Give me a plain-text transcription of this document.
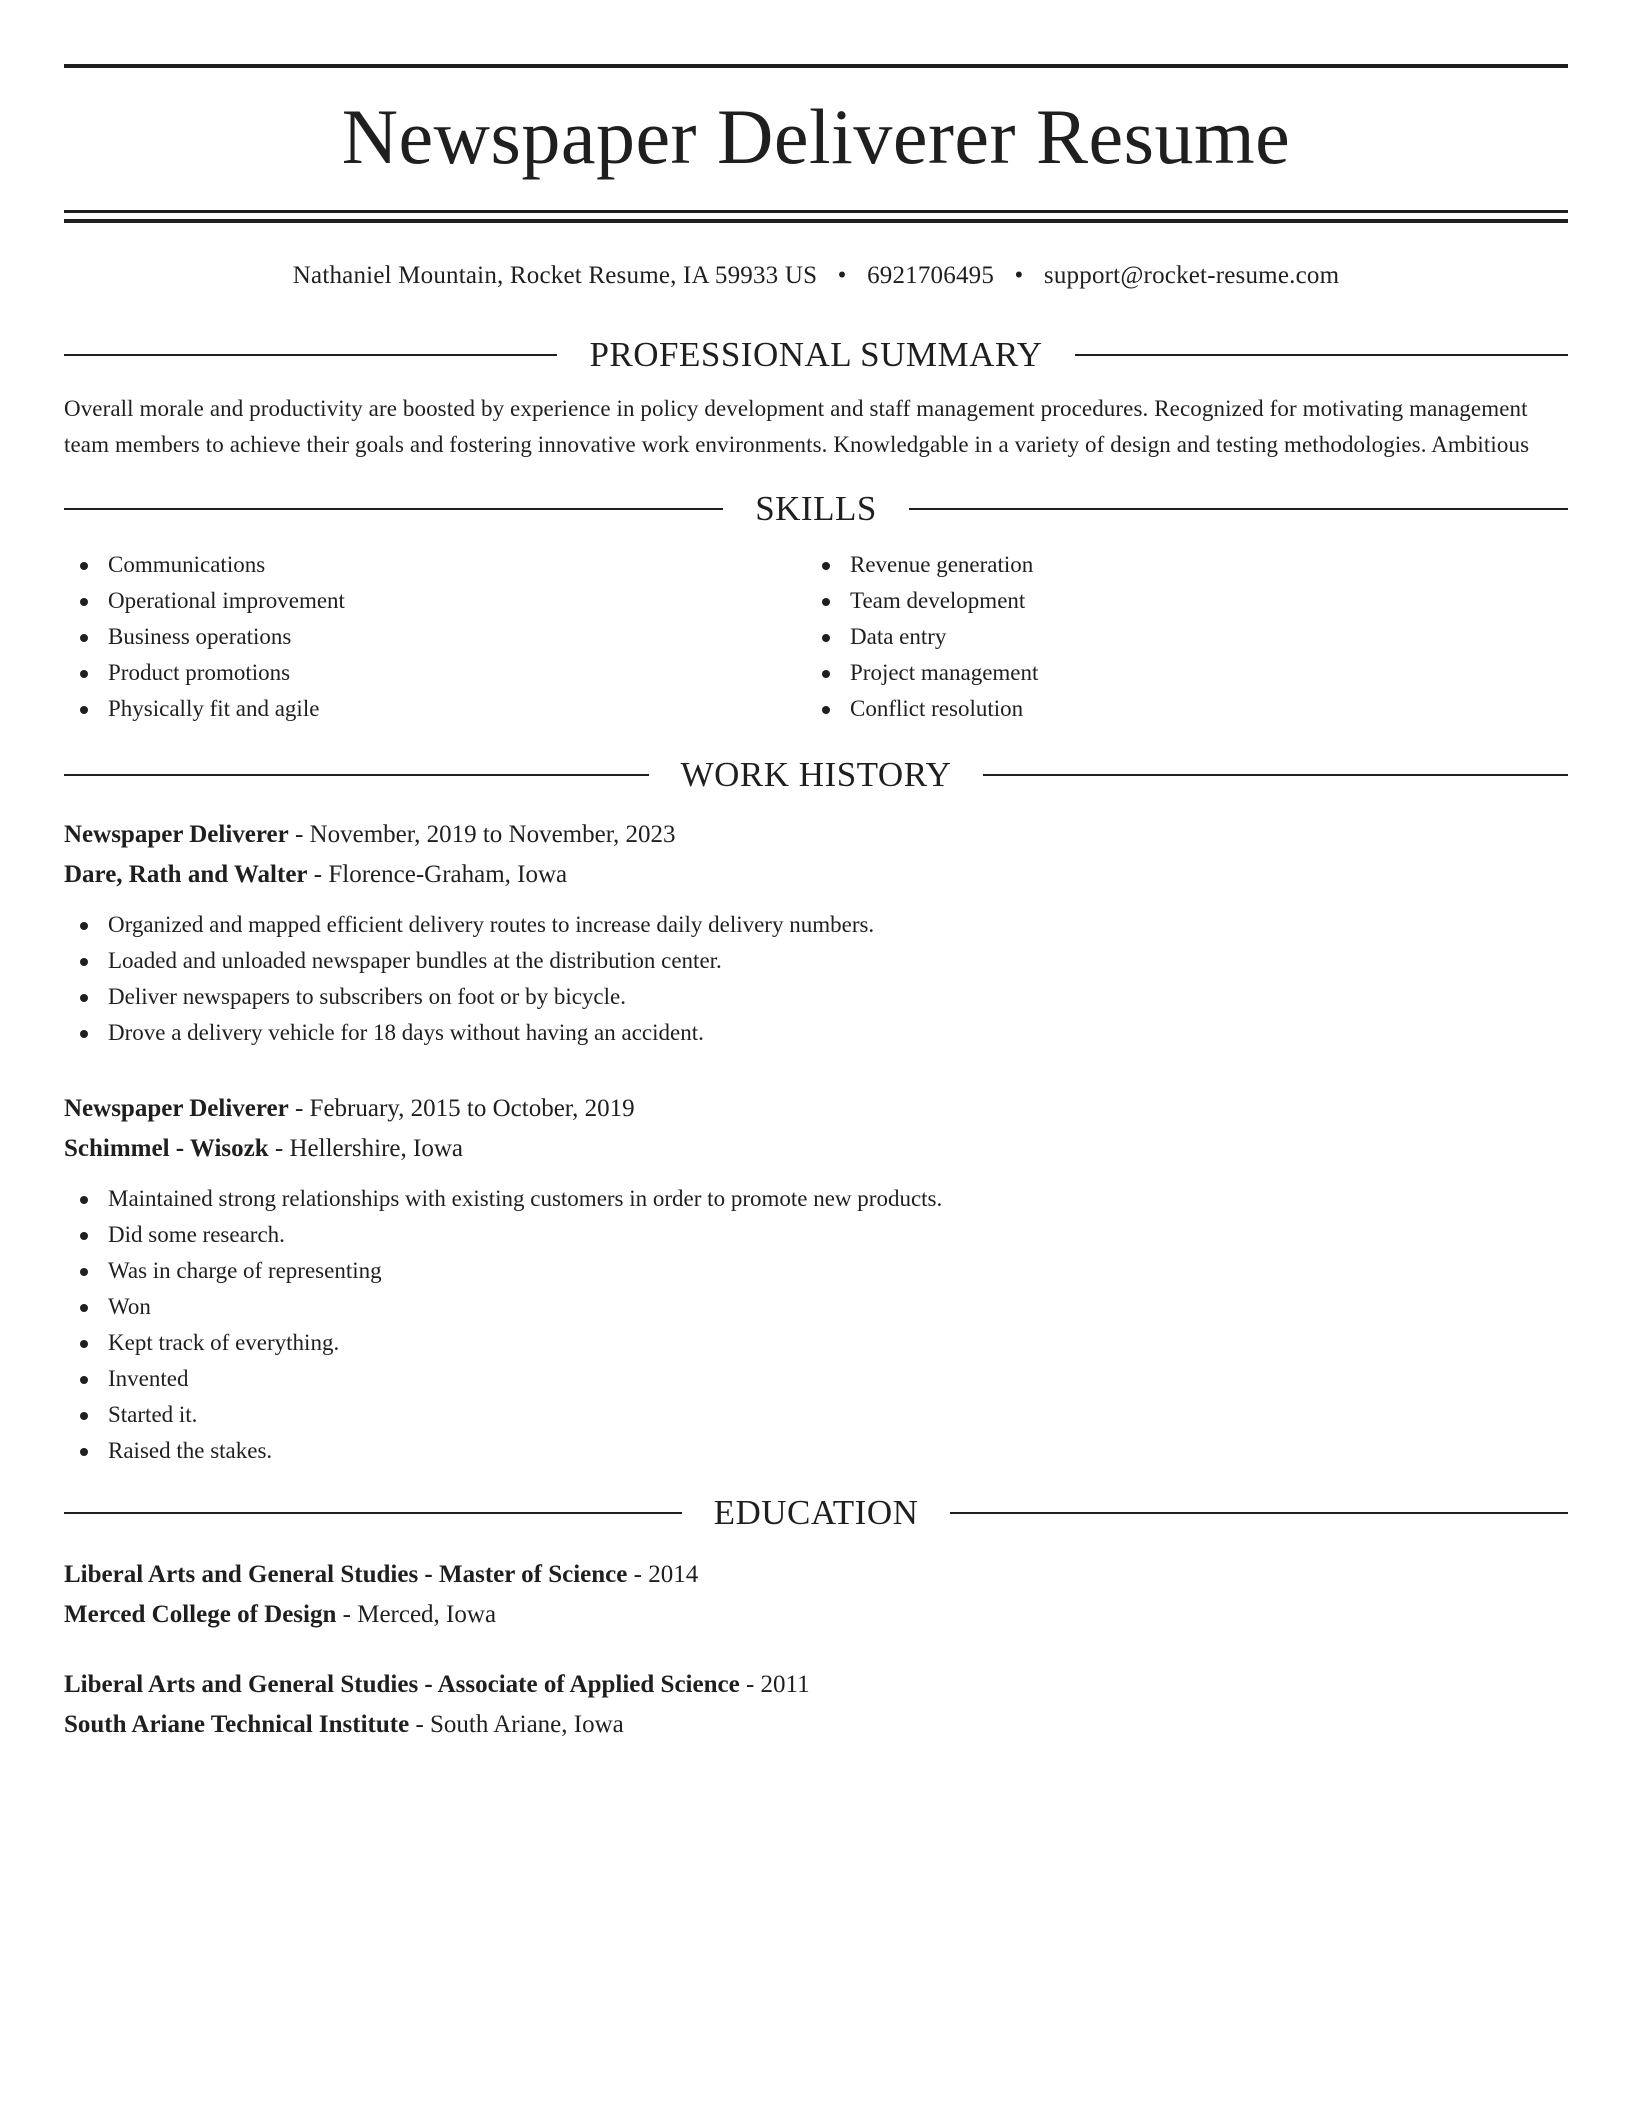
Newspaper Deliverer Resume
Nathaniel Mountain, Rocket Resume, IA 59933 US • 6921706495 • support@rocket-resume.com
PROFESSIONAL SUMMARY
Overall morale and productivity are boosted by experience in policy development and staff management procedures. Recognized for motivating management team members to achieve their goals and fostering innovative work environments. Knowledgable in a variety of design and testing methodologies. Ambitious
SKILLS
Communications
Operational improvement
Business operations
Product promotions
Physically fit and agile
Revenue generation
Team development
Data entry
Project management
Conflict resolution
WORK HISTORY
Newspaper Deliverer - November, 2019 to November, 2023
Dare, Rath and Walter - Florence-Graham, Iowa
Organized and mapped efficient delivery routes to increase daily delivery numbers.
Loaded and unloaded newspaper bundles at the distribution center.
Deliver newspapers to subscribers on foot or by bicycle.
Drove a delivery vehicle for 18 days without having an accident.
Newspaper Deliverer - February, 2015 to October, 2019
Schimmel - Wisozk - Hellershire, Iowa
Maintained strong relationships with existing customers in order to promote new products.
Did some research.
Was in charge of representing
Won
Kept track of everything.
Invented
Started it.
Raised the stakes.
EDUCATION
Liberal Arts and General Studies - Master of Science - 2014
Merced College of Design - Merced, Iowa
Liberal Arts and General Studies - Associate of Applied Science - 2011
South Ariane Technical Institute - South Ariane, Iowa
